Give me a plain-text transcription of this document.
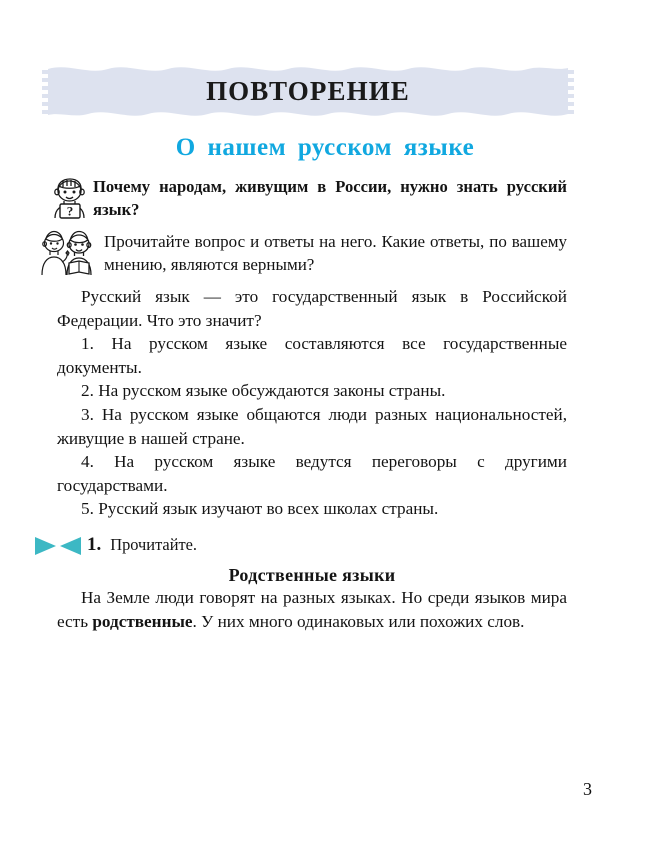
ПОВТОРЕНИЕ
О нашем русском языке
?
Почему народам, живущим в России, нужно знать русский язык?
Прочитайте вопрос и ответы на него. Какие ответы, по вашему мнению, являются верными?

Русский язык — это государственный язык в Российской Федерации. Что это значит?

1. На русском языке составляются все государственные документы.

2. На русском языке обсуждаются законы страны.

3. На русском языке общаются люди разных национальностей, живущие в нашей стране.

4. На русском языке ведутся переговоры с другими государствами.

5. Русский язык изучают во всех школах страны.

1. Прочитайте.
Родственные языки

На Земле люди говорят на разных языках. Но среди языков мира есть родственные. У них много одинаковых или похожих слов.

3
